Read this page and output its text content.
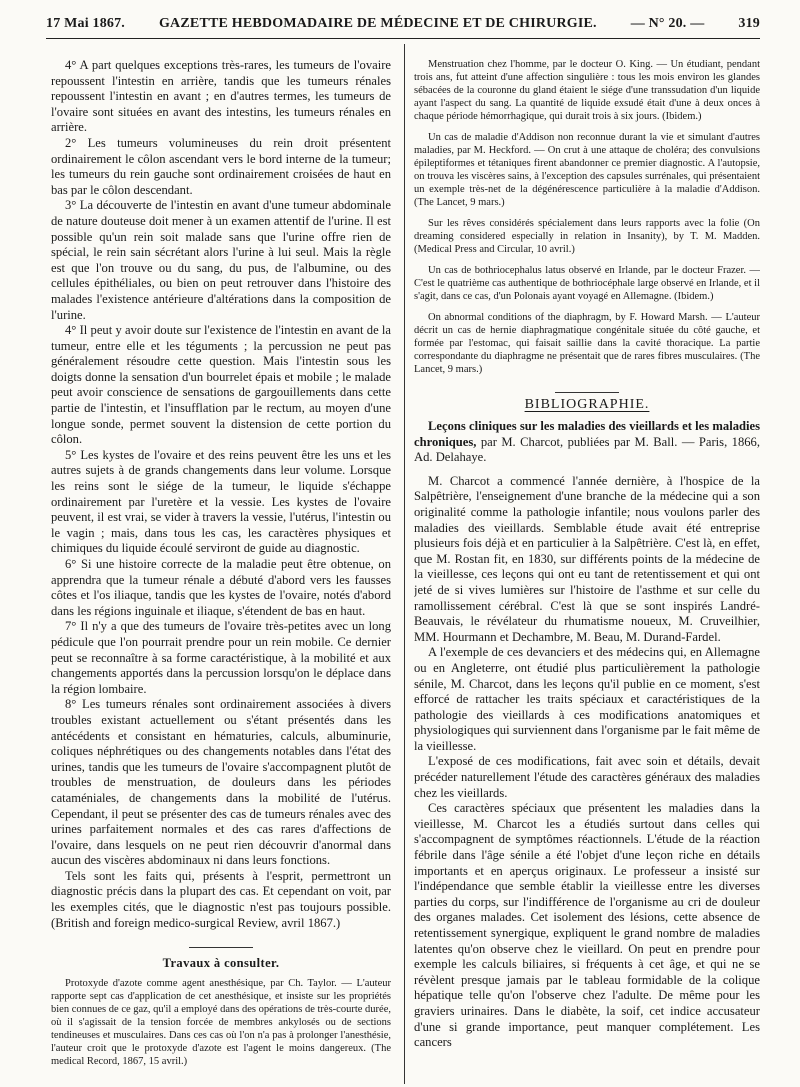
17 Mai 1867. GAZETTE HEBDOMADAIRE DE MÉDECINE ET DE CHIRURGIE. — N° 20. — 319

4° A part quelques exceptions très-rares, les tumeurs de l'ovaire repoussent l'intestin en arrière, tandis que les tumeurs rénales repoussent l'intestin en avant ; en d'autres termes, les tumeurs de l'ovaire sont situées en avant des intestins, les tumeurs rénales en arrière.

2° Les tumeurs volumineuses du rein droit présentent ordinairement le côlon ascendant vers le bord interne de la tumeur; les tumeurs du rein gauche sont ordinairement croisées de haut en bas par le côlon descendant.

3° La découverte de l'intestin en avant d'une tumeur abdominale de nature douteuse doit mener à un examen attentif de l'urine. Il est possible qu'un rein soit malade sans que l'urine offre rien de spécial, le rein sain sécrétant alors l'urine à lui seul. Mais la règle est que l'on trouve ou du sang, du pus, de l'albumine, ou des cellules épithéliales, ou bien on peut retrouver dans l'histoire des malades l'existence antérieure d'altérations dans la composition de l'urine.

4° Il peut y avoir doute sur l'existence de l'intestin en avant de la tumeur, entre elle et les téguments ; la percussion ne peut pas généralement résoudre cette question. Mais l'intestin sous les doigts donne la sensation d'un bourrelet épais et mobile ; le malade peut avoir conscience de sensations de gargouillements dans cette partie de l'intestin, et l'insufflation par le rectum, au moyen d'une longue sonde, permet souvent la distension de cette portion du côlon.

5° Les kystes de l'ovaire et des reins peuvent être les uns et les autres sujets à de grands changements dans leur volume. Lorsque les reins sont le siége de la tumeur, le liquide s'échappe ordinairement par l'uretère et la vessie. Les kystes de l'ovaire peuvent, il est vrai, se vider à travers la vessie, l'utérus, l'intestin ou le vagin ; mais, dans tous les cas, les caractères physiques et chimiques du liquide écoulé serviront de guide au diagnostic.

6° Si une histoire correcte de la maladie peut être obtenue, on apprendra que la tumeur rénale a débuté d'abord vers les fausses côtes et l'os iliaque, tandis que les kystes de l'ovaire, notés d'abord dans les régions inguinale et iliaque, s'étendent de bas en haut.

7° Il n'y a que des tumeurs de l'ovaire très-petites avec un long pédicule que l'on pourrait prendre pour un rein mobile. Ce dernier peut se reconnaître à sa forme caractéristique, à la mobilité et aux changements apportés dans la percussion lorsqu'on le déplace dans la région lombaire.

8° Les tumeurs rénales sont ordinairement associées à divers troubles existant actuellement ou s'étant présentés dans les antécédents et consistant en hématuries, calculs, albuminurie, coliques néphrétiques ou des changements notables dans l'état des urines, tandis que les tumeurs de l'ovaire s'accompagnent plutôt de troubles de menstruation, de douleurs dans les périodes cataméniales, de changements dans la mobilité de l'utérus. Cependant, il peut se présenter des cas de tumeurs rénales avec des urines parfaitement normales et des cas rares d'affections de l'ovaire, dans lesquels on ne peut rien découvrir d'anormal dans aucun des viscères abdominaux ni dans leurs fonctions.

Tels sont les faits qui, présents à l'esprit, permettront un diagnostic précis dans la plupart des cas. Et cependant on voit, par les exemples cités, que le diagnostic n'est pas toujours possible. (British and foreign medico-surgical Review, avril 1867.)

Travaux à consulter.

Protoxyde d'azote comme agent anesthésique, par Ch. Taylor. — L'auteur rapporte sept cas d'application de cet anesthésique, et insiste sur les propriétés bien connues de ce gaz, qu'il a employé dans des opérations de très-courte durée, où il s'agissait de la tension forcée de membres ankylosés ou de sections tendineuses et musculaires. Dans ces cas où l'on n'a pas à prolonger l'anesthésie, l'auteur croit que le protoxyde d'azote est l'agent le moins dangereux. (The medical Record, 1867, 15 avril.)

Menstruation chez l'homme, par le docteur O. King. — Un étudiant, pendant trois ans, fut atteint d'une affection singulière : tous les mois environ les glandes sébacées de la couronne du gland étaient le siége d'une transsudation d'un liquide ayant l'aspect du sang. La quantité de liquide exsudé était d'une à deux onces à chaque période hémorrhagique, qui durait trois à six jours. (Ibidem.)

Un cas de maladie d'Addison non reconnue durant la vie et simulant d'autres maladies, par M. Heckford. — On crut à une attaque de choléra; des convulsions épileptiformes et tétaniques firent abandonner ce premier diagnostic. A l'autopsie, on trouva les viscères sains, à l'exception des capsules surrénales, qui présentaient un exemple très-net de la dégénérescence particulière à la maladie d'Addison. (The Lancet, 9 mars.)

Sur les rêves considérés spécialement dans leurs rapports avec la folie (On dreaming considered especially in relation in Insanity), by T. M. Madden. (Medical Press and Circular, 10 avril.)

Un cas de bothriocephalus latus observé en Irlande, par le docteur Frazer. — C'est le quatrième cas authentique de bothriocéphale large observé en Irlande, et il s'agit, dans ce cas, d'un Polonais ayant voyagé en Allemagne. (Ibidem.)

On abnormal conditions of the diaphragm, by F. Howard Marsh. — L'auteur décrit un cas de hernie diaphragmatique congénitale située du côté gauche, et formée par l'estomac, qui faisait saillie dans la cavité thoracique. La partie correspondante du diaphragme ne présentait que de rares fibres musculaires. (The Lancet, 9 mars.)

BIBLIOGRAPHIE.

Leçons cliniques sur les maladies des vieillards et les maladies chroniques, par M. Charcot, publiées par M. Ball. — Paris, 1866, Ad. Delahaye.

M. Charcot a commencé l'année dernière, à l'hospice de la Salpêtrière, l'enseignement d'une branche de la médecine qui a son originalité comme la pathologie infantile; nous voulons parler des maladies des vieillards. Semblable étude avait été entreprise plusieurs fois déjà et en particulier à la Salpêtrière. C'est là, en effet, que M. Rostan fit, en 1830, sur différents points de la médecine de la vieillesse, ces leçons qui ont eu tant de retentissement et qui ont jeté de si vives lumières sur l'histoire de l'asthme et sur celle du ramollissement cérébral. C'est là que se sont inspirés Landré-Beauvais, le révélateur du rhumatisme noueux, M. Cruveilhier, MM. Hourmann et Dechambre, M. Beau, M. Durand-Fardel.

A l'exemple de ces devanciers et des médecins qui, en Allemagne ou en Angleterre, ont étudié plus particulièrement la pathologie sénile, M. Charcot, dans les leçons qu'il publie en ce moment, s'est efforcé de rattacher les traits spéciaux et caractéristiques de la pathologie des vieillards à ces modifications anatomiques et physiologiques qui surviennent dans l'organisme par le fait même de la vieillesse.

L'exposé de ces modifications, fait avec soin et détails, devait précéder naturellement l'étude des caractères généraux des maladies chez les vieillards.

Ces caractères spéciaux que présentent les maladies dans la vieillesse, M. Charcot les a étudiés surtout dans celles qui s'accompagnent de symptômes réactionnels. L'étude de la réaction fébrile dans l'âge sénile a été l'objet d'une leçon riche en détails importants et en aperçus originaux. Le professeur a insisté sur l'indépendance que semble établir la vieillesse entre les diverses parties du corps, sur l'indifférence de l'organisme au cri de douleur des organes malades. Cet isolement des lésions, cette absence de retentissement synergique, expliquent le grand nombre de maladies latentes qu'on observe chez le vieillard. On peut en prendre pour exemple les calculs biliaires, si fréquents à cet âge, et qui ne se révèlent presque jamais par le tableau formidable de la colique hépatique telle qu'on l'observe chez l'adulte. De même pour les graviers urinaires. Dans le diabète, la soif, cet indice accusateur d'une si grande importance, peut manquer complétement. Les cancers
